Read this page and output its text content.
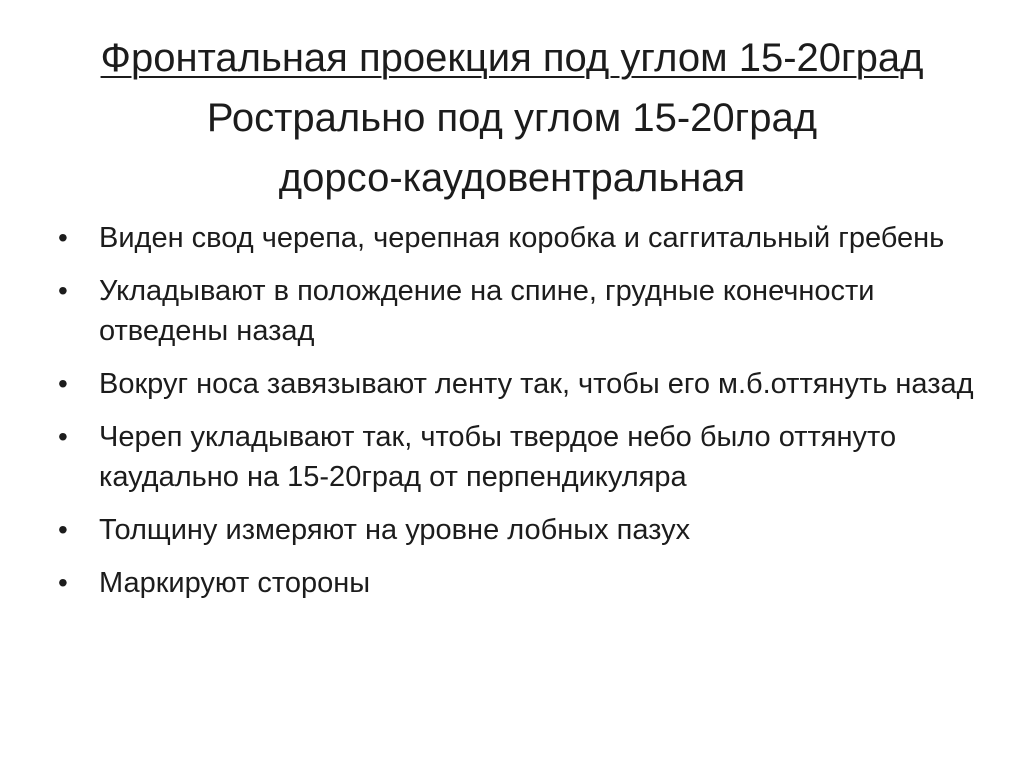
Фронтальная проекция под углом 15-20град
Рострально под углом 15-20град
дорсо-каудовентральная
• Виден свод черепа, черепная коробка и саггитальный гребень
• Укладывают в полождение на спине, грудные конечности отведены назад
• Вокруг носа завязывают ленту так, чтобы его м.б.оттянуть назад
• Череп укладывают так, чтобы твердое небо было оттянуто каудально на 15-20град от перпендикуляра
• Толщину измеряют на уровне лобных пазух
• Маркируют стороны
